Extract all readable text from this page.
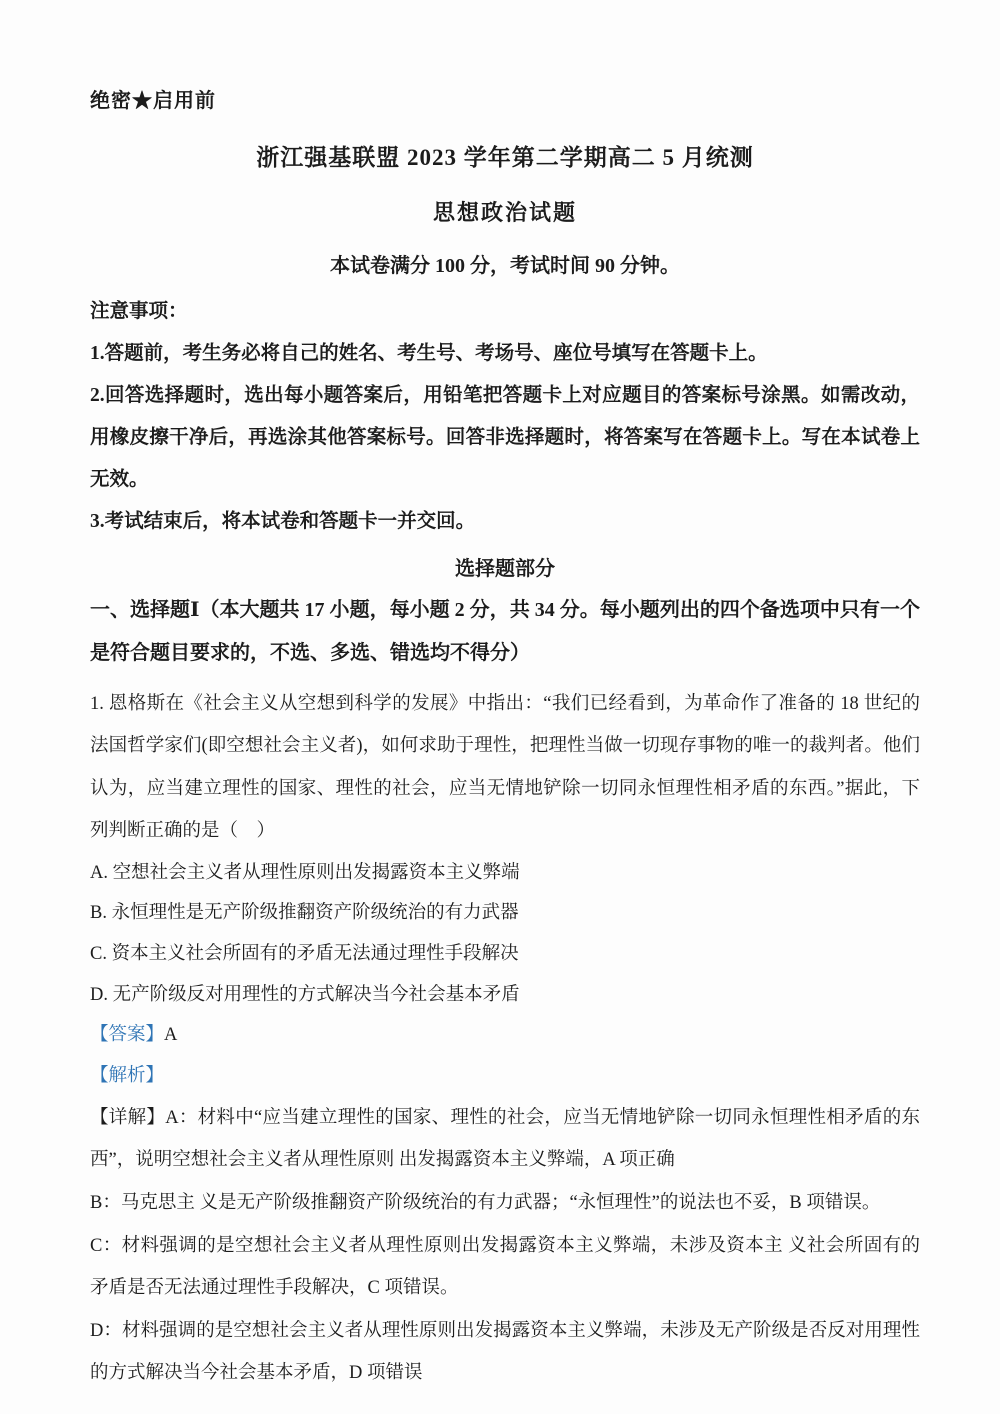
绝密★启用前
浙江强基联盟 2023 学年第二学期高二 5 月统测
思想政治试题
本试卷满分 100 分，考试时间 90 分钟。
注意事项：

1.答题前，考生务必将自己的姓名、考生号、考场号、座位号填写在答题卡上。

2.回答选择题时，选出每小题答案后，用铅笔把答题卡上对应题目的答案标号涂黑。如需改动，用橡皮擦干净后，再选涂其他答案标号。回答非选择题时，将答案写在答题卡上。写在本试卷上无效。

3.考试结束后，将本试卷和答题卡一并交回。

选择题部分

一、选择题Ⅰ（本大题共 17 小题，每小题 2 分，共 34 分。每小题列出的四个备选项中只有一个是符合题目要求的，不选、多选、错选均不得分）

1. 恩格斯在《社会主义从空想到科学的发展》中指出：“我们已经看到，为革命作了准备的 18 世纪的法国哲学家们(即空想社会主义者)，如何求助于理性，把理性当做一切现存事物的唯一的裁判者。他们认为，应当建立理性的国家、理性的社会，应当无情地铲除一切同永恒理性相矛盾的东西。”据此，下列判断正确的是（　）

A. 空想社会主义者从理性原则出发揭露资本主义弊端

B. 永恒理性是无产阶级推翻资产阶级统治的有力武器

C. 资本主义社会所固有的矛盾无法通过理性手段解决

D. 无产阶级反对用理性的方式解决当今社会基本矛盾

【答案】A

【解析】

【详解】A：材料中“应当建立理性的国家、理性的社会，应当无情地铲除一切同永恒理性相矛盾的东西”，说明空想社会主义者从理性原则 出发揭露资本主义弊端，A 项正确

B：马克思主 义是无产阶级推翻资产阶级统治的有力武器；“永恒理性”的说法也不妥，B 项错误。

C：材料强调的是空想社会主义者从理性原则出发揭露资本主义弊端，未涉及资本主 义社会所固有的矛盾是否无法通过理性手段解决，C 项错误。

D：材料强调的是空想社会主义者从理性原则出发揭露资本主义弊端，未涉及无产阶级是否反对用理性的方式解决当今社会基本矛盾，D 项错误
